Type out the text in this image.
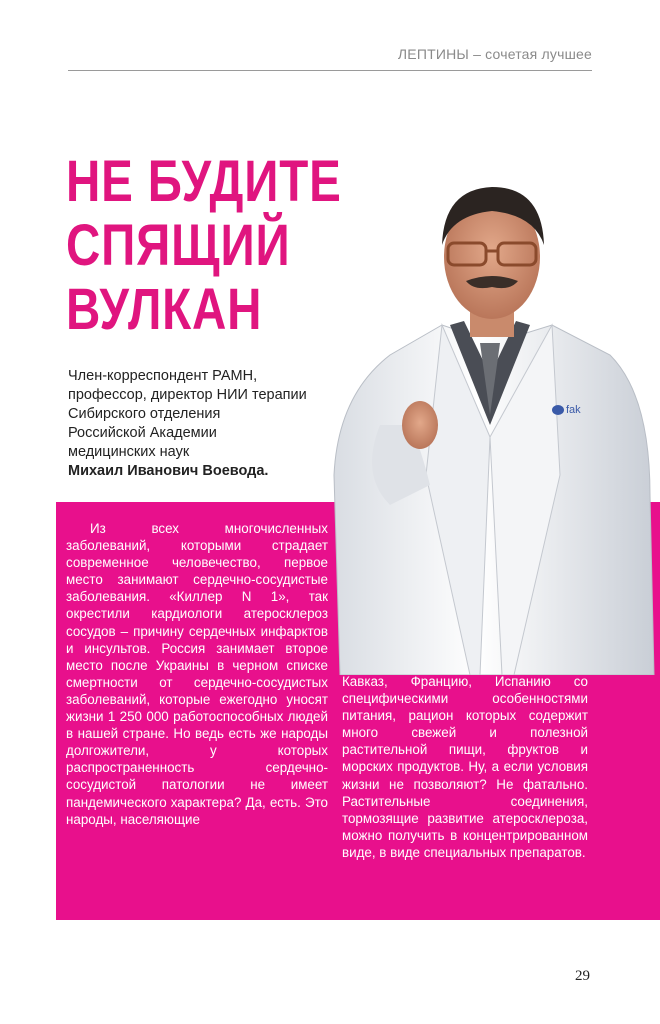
ЛЕПТИНЫ – сочетая лучшее
НЕ БУДИТЕ
СПЯЩИЙ
ВУЛКАН
Член-корреспондент РАМН,
профессор, директор НИИ терапии
Сибирского отделения
Российской Академии
медицинских наук
Михаил Иванович Воевода.
fak

Из всех многочисленных заболеваний, которыми страдает современное человечество, первое место занимают сердечно-сосудистые заболевания. «Киллер N 1», так окрестили кардиологи атеросклероз сосудов – причину сердечных инфарктов и инсультов. Россия занимает второе место после Украины в черном списке смертности от сердечно-сосудистых заболеваний, которые ежегодно уносят жизни 1 250 000 работоспособных людей в нашей стране. Но ведь есть же народы долгожители, у которых распространенность сердечно-сосудистой патологии не имеет пандемического характера? Да, есть. Это народы, населяющие

Кавказ, Францию, Испанию со специфическими особенностями питания, рацион которых содержит много свежей и полезной растительной пищи, фруктов и морских продуктов. Ну, а если условия жизни не позволяют? Не фатально. Растительные соединения, тормозящие развитие атеросклероза, можно получить в концентрированном виде, в виде специальных препаратов.

29
